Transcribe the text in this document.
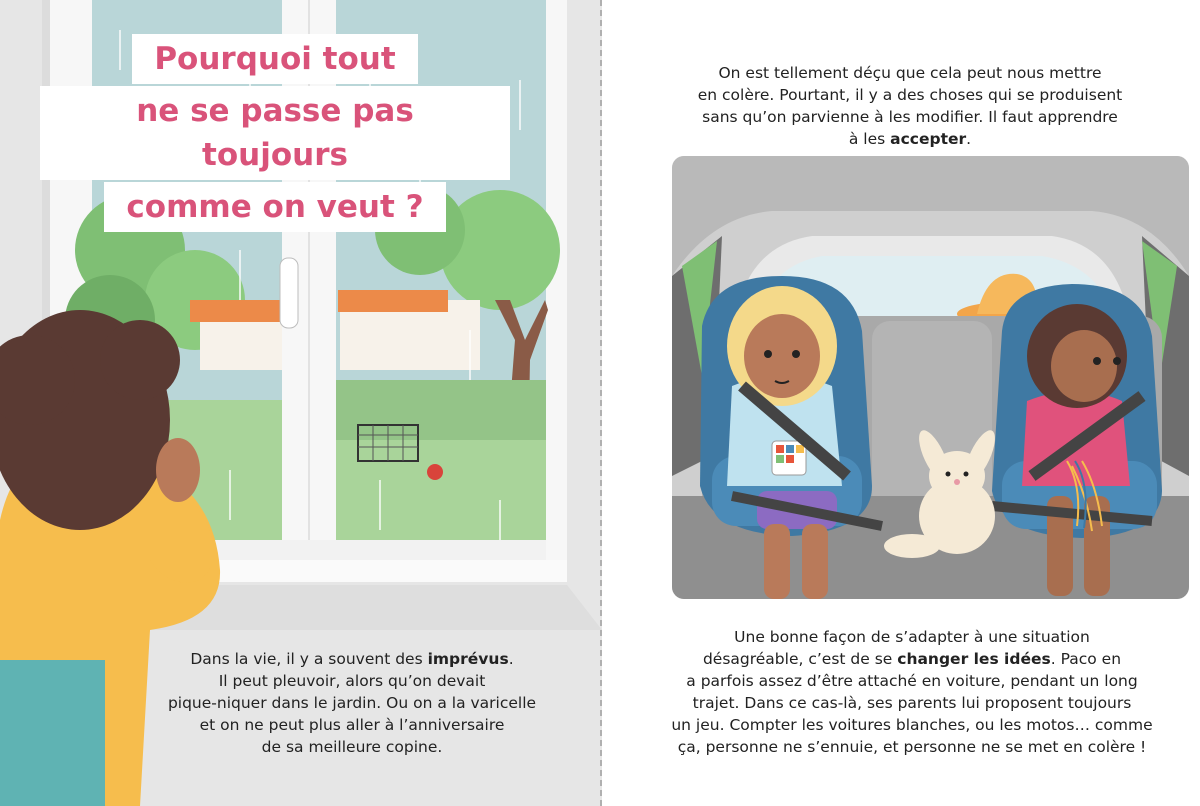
Pourquoi tout
ne se passe pas toujours
comme on veut ?

Dans la vie, il y a souvent des imprévus.

Il peut pleuvoir, alors qu’on devait

pique-niquer dans le jardin. Ou on a la varicelle

et on ne peut plus aller à l’anniversaire

de sa meilleure copine.

On est tellement déçu que cela peut nous mettre

en colère. Pourtant, il y a des choses qui se produisent

sans qu’on parvienne à les modifier. Il faut apprendre

à les accepter.

Une bonne façon de s’adapter à une situation

désagréable, c’est de se changer les idées. Paco en

a parfois assez d’être attaché en voiture, pendant un long

trajet. Dans ce cas-là, ses parents lui proposent toujours

un jeu. Compter les voitures blanches, ou les motos… comme

ça, personne ne s’ennuie, et personne ne se met en colère !
